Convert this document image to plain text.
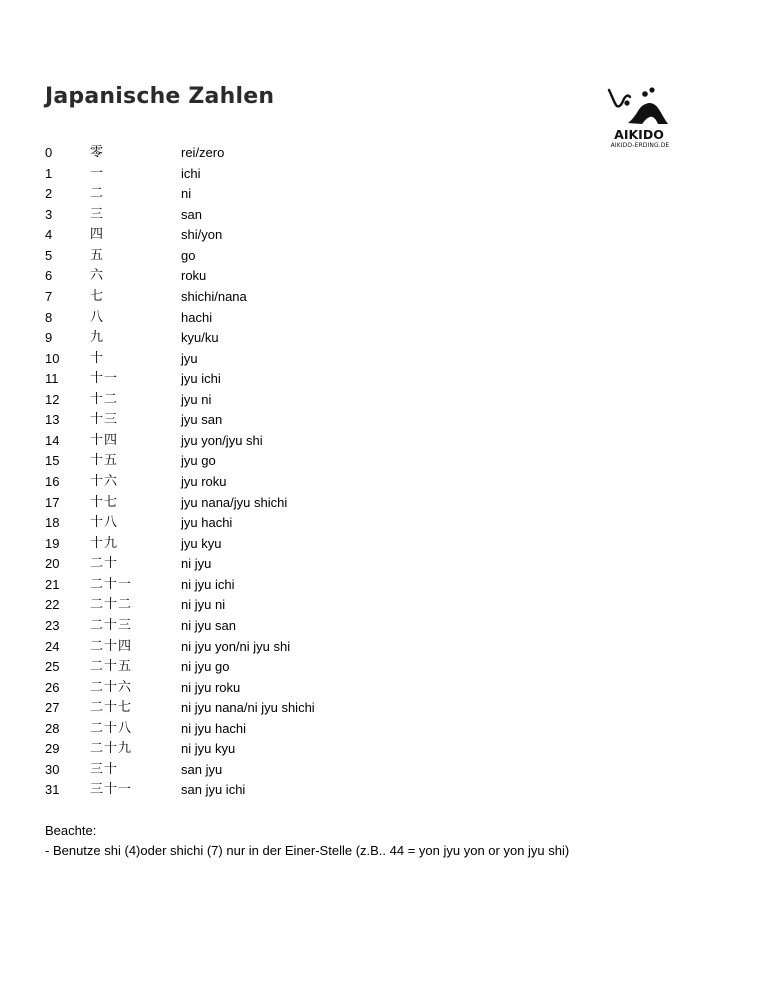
Japanische Zahlen
AIKIDO
AIKIDO-ERDING.DE
0	零	rei/zero
1	一	ichi
2	二	ni
3	三	san
4	四	shi/yon
5	五	go
6	六	roku
7	七	shichi/nana
8	八	hachi
9	九	kyu/ku
10	十	jyu
11	十一	jyu ichi
12	十二	jyu ni
13	十三	jyu san
14	十四	jyu yon/jyu shi
15	十五	jyu go
16	十六	jyu roku
17	十七	jyu nana/jyu shichi
18	十八	jyu hachi
19	十九	jyu kyu
20	二十	ni jyu
21	二十一	ni jyu ichi
22	二十二	ni jyu ni
23	二十三	ni jyu san
24	二十四	ni jyu yon/ni jyu shi
25	二十五	ni jyu go
26	二十六	ni jyu roku
27	二十七	ni jyu nana/ni jyu shichi
28	二十八	ni jyu hachi
29	二十九	ni jyu kyu
30	三十	san jyu
31	三十一	san jyu ichi
Beachte:
- Benutze shi (4)oder shichi (7) nur in der Einer-Stelle (z.B.. 44 = yon jyu yon or yon jyu shi)
